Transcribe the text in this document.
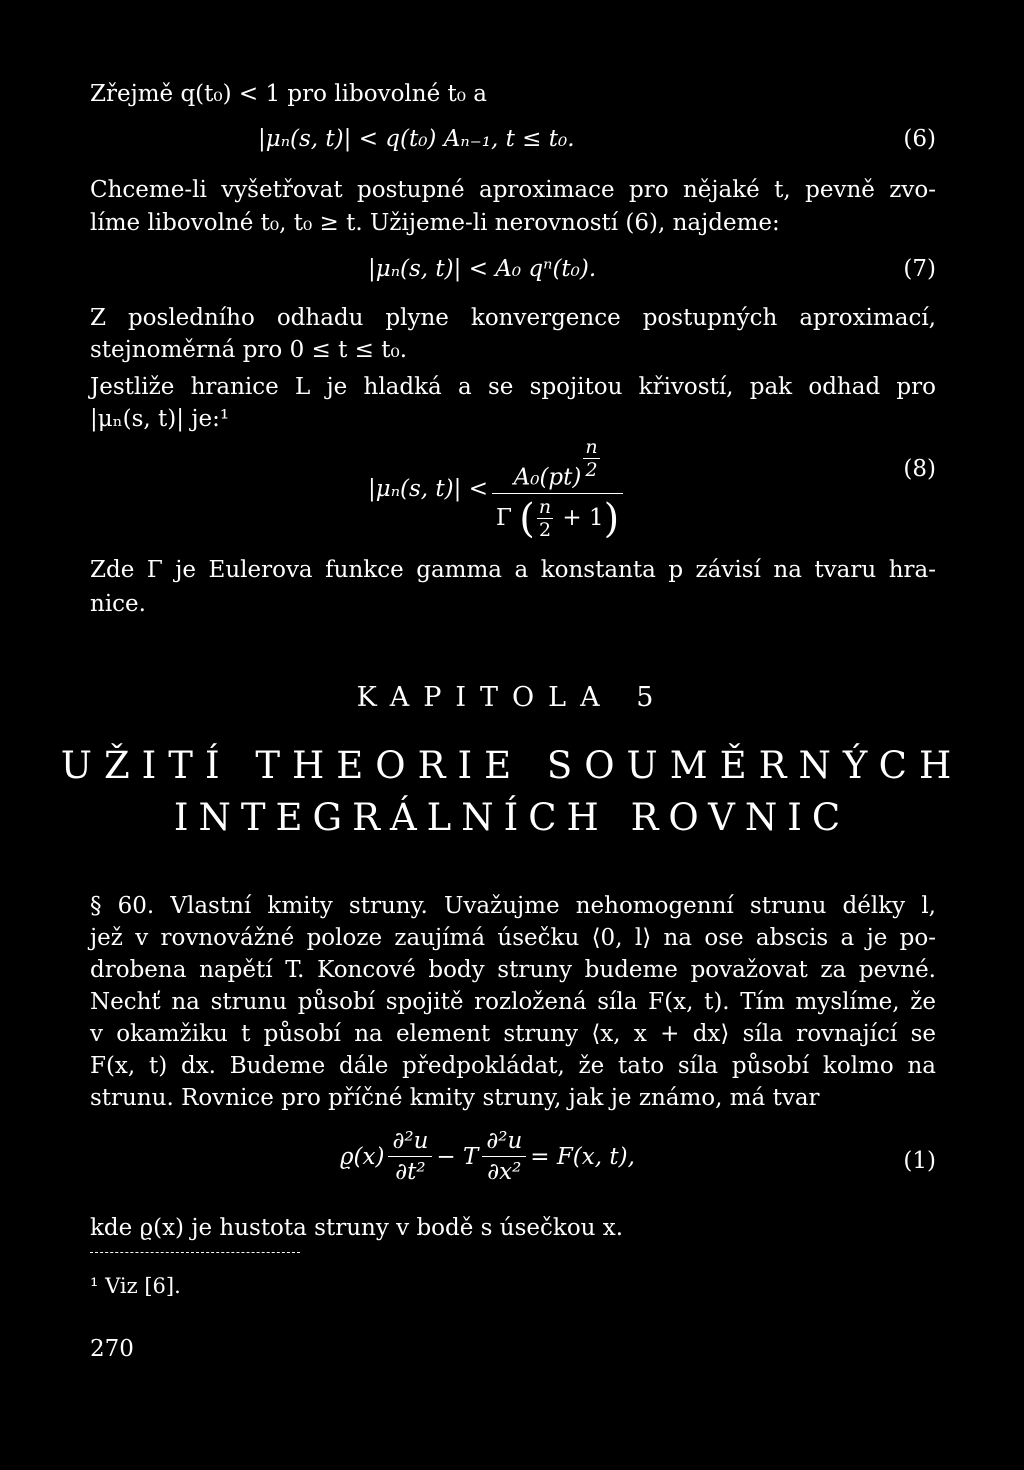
Zřejmě q(t₀) < 1 pro libovolné t₀ a
|μₙ(s, t)| < q(t₀) Aₙ₋₁, t ≤ t₀.	(6)
Chceme-li vyšetřovat postupné aproximace pro nějaké t, pevně zvo-
líme libovolné t₀, t₀ ≥ t. Užijeme-li nerovností (6), najdeme:
|μₙ(s, t)| < A₀ qⁿ(t₀).	(7)
Z posledního odhadu plyne konvergence postupných aproximací,
stejnoměrná pro 0 ≤ t ≤ t₀.
Jestliže hranice L je hladká a se spojitou křivostí, pak odhad pro
|μₙ(s, t)| je:¹
|μₙ(s, $t)| < \frac{A_0(pt) \frac{n}{2}}{\Gamma ( \frac{n}{2} + 1)}$	(8)
Zde Γ je Eulerova funkce gamma a konstanta p závisí na tvaru hra-
nice.
KAPITOLA 5
UŽITÍ THEORIE SOUMĚRNÝCH
INTEGRÁLNÍCH ROVNIC
§ 60. Vlastní kmity struny. Uvažujme nehomogenní strunu délky l,
jež v rovnovážné poloze zaujímá úsečku ⟨0, l⟩ na ose abscis a je po-
drobena napětí T. Koncové body struny budeme považovat za pevné.
Nechť na strunu působí spojitě rozložená síla F(x, t). Tím myslíme, že
v okamžiku t působí na element struny ⟨x, x + dx⟩ síla rovnající se
F(x, t) dx. Budeme dále předpokládat, že tato síla působí kolmo na
strunu. Rovnice pro příčné kmity struny, jak je známo, má tvar
$ϱ(x) \frac{\text{∂²u}}{\text{∂t²}} - T \frac{\text{∂²u}}{\text{∂x²}} = F(x$, t),	(1)
kde ϱ(x) je hustota struny v bodě s úsečkou x.
¹ Viz [6].
270
